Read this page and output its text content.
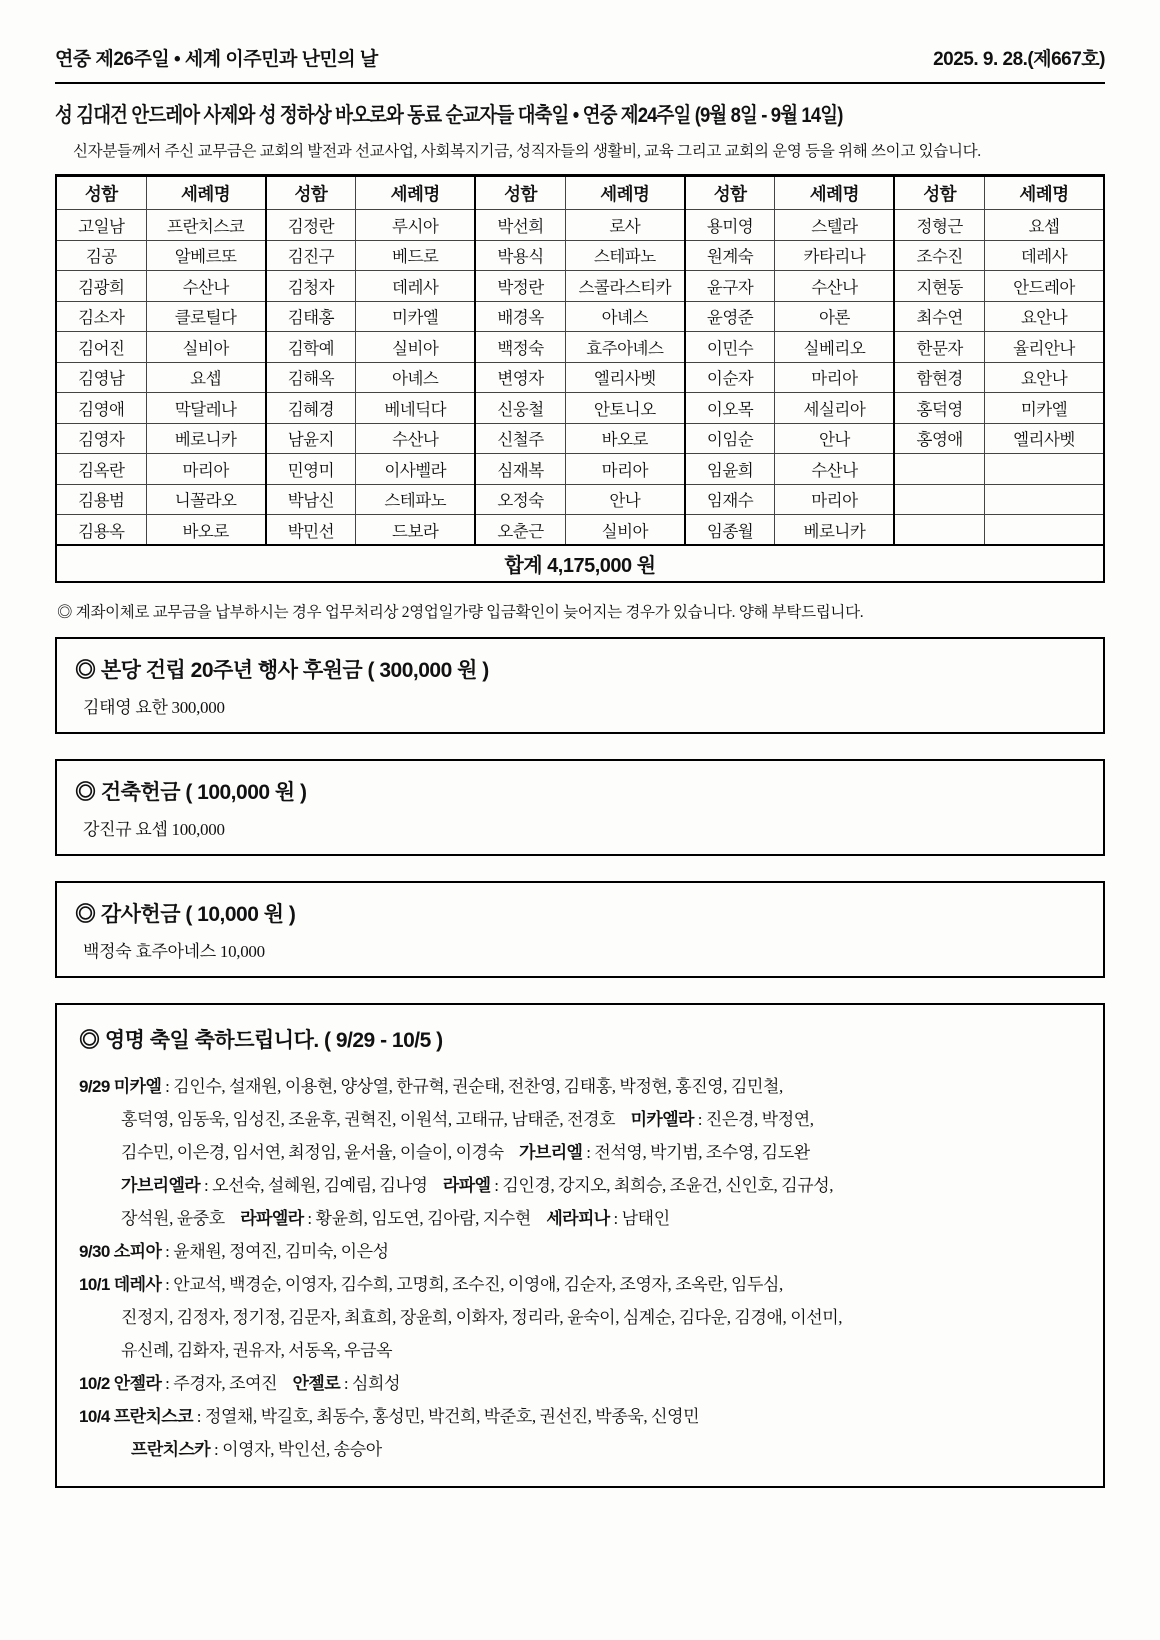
연중 제26주일 • 세계 이주민과 난민의 날	2025. 9. 28.(제667호)
성 김대건 안드레아 사제와 성 정하상 바오로와 동료 순교자들 대축일 • 연중 제24주일 (9월 8일 - 9월 14일)
신자분들께서 주신 교무금은 교회의 발전과 선교사업, 사회복지기금, 성직자들의 생활비, 교육 그리고 교회의 운영 등을 위해 쓰이고 있습니다.
성함	세례명	성함	세례명	성함	세례명	성함	세례명	성함	세례명
고일남	프란치스코	김정란	루시아	박선희	로사	용미영	스텔라	정형근	요셉
김공	알베르또	김진구	베드로	박용식	스테파노	원계숙	카타리나	조수진	데레사
김광희	수산나	김청자	데레사	박정란	스콜라스티카	윤구자	수산나	지현동	안드레아
김소자	클로틸다	김태홍	미카엘	배경옥	아녜스	윤영준	아론	최수연	요안나
김어진	실비아	김학예	실비아	백정숙	효주아녜스	이민수	실베리오	한문자	율리안나
김영남	요셉	김해옥	아녜스	변영자	엘리사벳	이순자	마리아	함현경	요안나
김영애	막달레나	김혜경	베네딕다	신웅철	안토니오	이오목	세실리아	홍덕영	미카엘
김영자	베로니카	남윤지	수산나	신철주	바오로	이임순	안나	홍영애	엘리사벳
김옥란	마리아	민영미	이사벨라	심재복	마리아	임윤희	수산나		
김용범	니꼴라오	박남신	스테파노	오정숙	안나	임재수	마리아		
김용옥	바오로	박민선	드보라	오춘근	실비아	임종월	베로니카		
합계 4,175,000 원									
◎ 계좌이체로 교무금을 납부하시는 경우 업무처리상 2영업일가량 입금확인이 늦어지는 경우가 있습니다. 양해 부탁드립니다.
◎ 본당 건립 20주년 행사 후원금 ( 300,000 원 )
김태영 요한 300,000
◎ 건축헌금 ( 100,000 원 )
강진규 요셉 100,000
◎ 감사헌금 ( 10,000 원 )
백정숙 효주아네스 10,000
◎ 영명 축일 축하드립니다. ( 9/29 - 10/5 )
9/29 미카엘 : 김인수, 설재원, 이용현, 양상열, 한규혁, 권순태, 전찬영, 김태홍, 박정현, 홍진영, 김민철,
홍덕영, 임동욱, 임성진, 조윤후, 권혁진, 이원석, 고태규, 남태준, 전경호    미카엘라 : 진은경, 박정연,
김수민, 이은경, 임서연, 최정임, 윤서율, 이슬이, 이경숙    가브리엘 : 전석영, 박기범, 조수영, 김도완
가브리엘라 : 오선숙, 설혜원, 김예림, 김나영    라파엘 : 김인경, 강지오, 최희승, 조윤건, 신인호, 김규성,
장석원, 윤중호    라파엘라 : 황윤희, 임도연, 김아람, 지수현    세라피나 : 남태인
9/30 소피아 : 윤채원, 정여진, 김미숙, 이은성
10/1 데레사 : 안교석, 백경순, 이영자, 김수희, 고명희, 조수진, 이영애, 김순자, 조영자, 조옥란, 임두심,
진정지, 김정자, 정기정, 김문자, 최효희, 장윤희, 이화자, 정리라, 윤숙이, 심계순, 김다운, 김경애, 이선미,
유신례, 김화자, 권유자, 서동옥, 우금옥
10/2 안젤라 : 주경자, 조여진    안젤로 : 심희성
10/4 프란치스코 : 정열채, 박길호, 최동수, 홍성민, 박건희, 박준호, 권선진, 박종욱, 신영민
프란치스카 : 이영자, 박인선, 송승아
